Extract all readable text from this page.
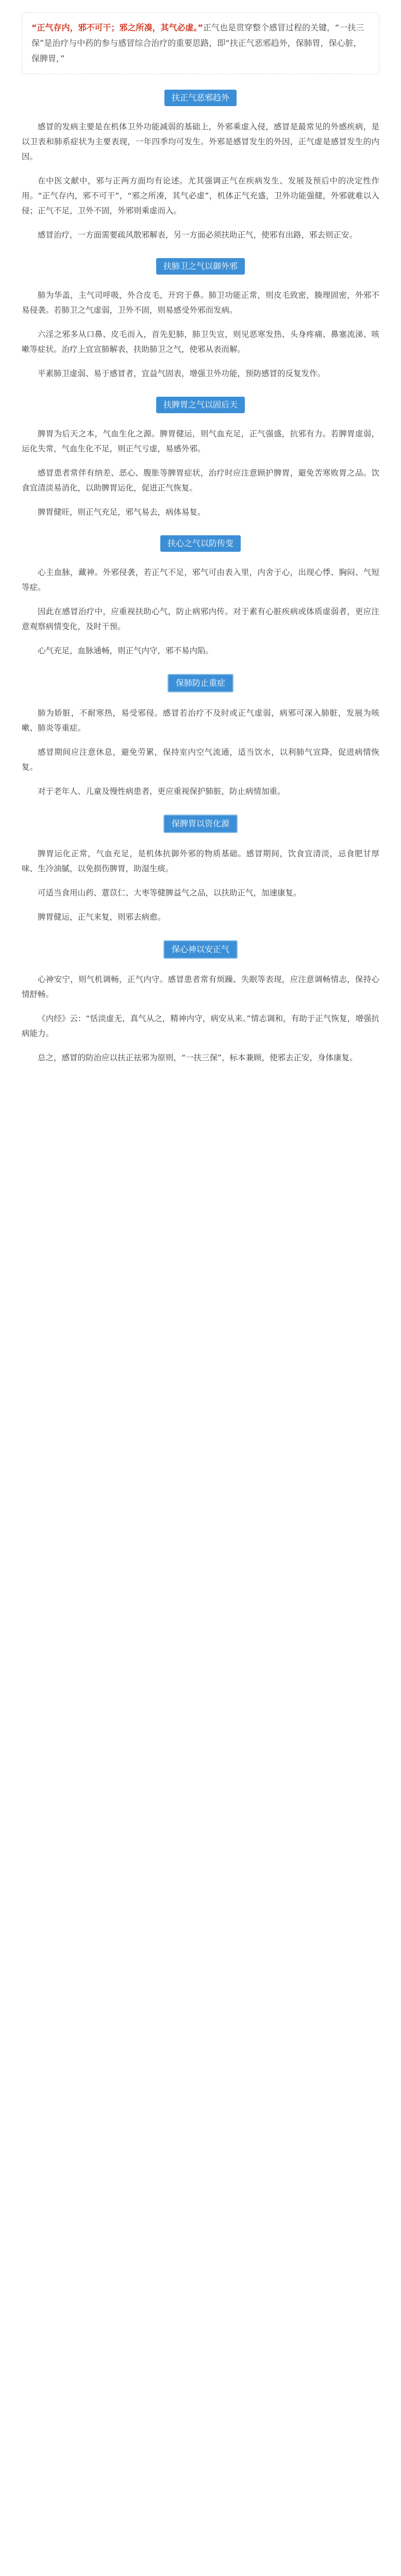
“正气存内，邪不可干；邪之所凑，其气必虚。”正气也是贯穿整个感冒过程的关键，“一扶三保”是治疗与中药的参与感冒综合治疗的重要思路，即“扶正气恶邪趋外，保肺胃，保心脏，保脾胃，”
扶正气恶邪趋外

感冒的发病主要是在机体卫外功能减弱的基础上，外邪乘虚入侵，感冒是最常见的外感疾病，是以卫表和肺系症状为主要表现，一年四季均可发生。外邪是感冒发生的外因，正气虚是感冒发生的内因。

在中医文献中，邪与正两方面均有论述。尤其强调正气在疾病发生、发展及预后中的决定性作用。“正气存内，邪不可干”，“邪之所凑，其气必虚”，机体正气充盛，卫外功能强健，外邪就难以入侵；正气不足，卫外不固，外邪则乘虚而入。

感冒治疗，一方面需要疏风散邪解表，另一方面必须扶助正气，使邪有出路，邪去则正安。

扶肺卫之气以御外邪

肺为华盖，主气司呼吸，外合皮毛，开窍于鼻。肺卫功能正常，则皮毛致密，腠理固密，外邪不易侵袭。若肺卫之气虚弱，卫外不固，则易感受外邪而发病。

六淫之邪多从口鼻、皮毛而入，首先犯肺，肺卫失宣，则见恶寒发热、头身疼痛、鼻塞流涕、咳嗽等症状。治疗上宜宣肺解表，扶助肺卫之气，使邪从表而解。

平素肺卫虚弱、易于感冒者，宜益气固表，增强卫外功能，预防感冒的反复发作。

扶脾胃之气以固后天

脾胃为后天之本，气血生化之源。脾胃健运，则气血充足，正气强盛，抗邪有力。若脾胃虚弱，运化失常，气血生化不足，则正气亏虚，易感外邪。

感冒患者常伴有纳差、恶心、腹胀等脾胃症状，治疗时应注意顾护脾胃，避免苦寒败胃之品。饮食宜清淡易消化，以助脾胃运化，促进正气恢复。

脾胃健旺，则正气充足，邪气易去，病体易复。

扶心之气以防传变

心主血脉，藏神。外邪侵袭，若正气不足，邪气可由表入里，内舍于心，出现心悸、胸闷、气短等症。

因此在感冒治疗中，应重视扶助心气，防止病邪内传。对于素有心脏疾病或体质虚弱者，更应注意观察病情变化，及时干预。

心气充足，血脉通畅，则正气内守，邪不易内陷。

保肺防止重症

肺为娇脏，不耐寒热，易受邪侵。感冒若治疗不及时或正气虚弱，病邪可深入肺脏，发展为咳嗽、肺炎等重症。

感冒期间应注意休息，避免劳累，保持室内空气流通，适当饮水，以利肺气宣降，促进病情恢复。

对于老年人、儿童及慢性病患者，更应重视保护肺脏，防止病情加重。

保脾胃以资化源

脾胃运化正常，气血充足，是机体抗御外邪的物质基础。感冒期间，饮食宜清淡，忌食肥甘厚味、生冷油腻，以免损伤脾胃，助湿生痰。

可适当食用山药、薏苡仁、大枣等健脾益气之品，以扶助正气，加速康复。

脾胃健运，正气来复，则邪去病愈。

保心神以安正气

心神安宁，则气机调畅，正气内守。感冒患者常有烦躁、失眠等表现，应注意调畅情志，保持心情舒畅。

《内经》云：“恬淡虚无，真气从之，精神内守，病安从来。”情志调和，有助于正气恢复，增强抗病能力。

总之，感冒的防治应以扶正祛邪为原则，“一扶三保”，标本兼顾，使邪去正安，身体康复。
